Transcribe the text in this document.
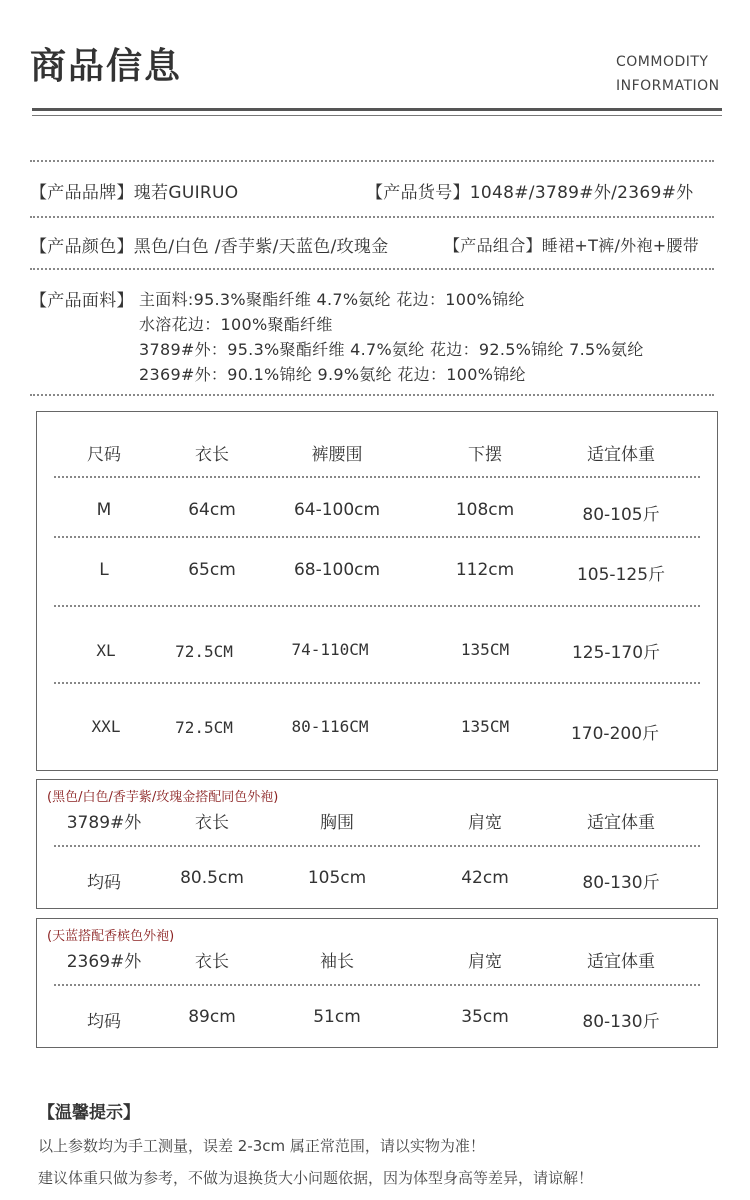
商品信息	COMMODITY
INFORMATION
【产品品牌】瑰若GUIRUO	【产品货号】1048#/3789#外/2369#外
【产品颜色】黑色/白色 /香芋紫/天蓝色/玫瑰金	【产品组合】睡裙+T裤/外袍+腰带
【产品面料】 主面料:95.3%聚酯纤维 4.7%氨纶 花边：100%锦纶
水溶花边：100%聚酯纤维
3789#外：95.3%聚酯纤维 4.7%氨纶 花边：92.5%锦纶 7.5%氨纶
2369#外：90.1%锦纶 9.9%氨纶 花边：100%锦纶
尺码	衣长	裤腰围	下摆	适宜体重
M	64cm	64-100cm	108cm	80-105斤
L	65cm	68-100cm	112cm	105-125斤
XL	72.5CM	74-110CM	135CM	125-170斤
XXL	72.5CM	80-116CM	135CM	170-200斤
(黑色/白色/香芋紫/玫瑰金搭配同色外袍)
3789#外	衣长	胸围	肩宽	适宜体重
均码	80.5cm	105cm	42cm	80-130斤
(天蓝搭配香槟色外袍)
2369#外	衣长	袖长	肩宽	适宜体重
均码	89cm	51cm	35cm	80-130斤
【温馨提示】
以上参数均为手工测量，误差 2-3cm 属正常范围，请以实物为准！
建议体重只做为参考，不做为退换货大小问题依据，因为体型身高等差异，请谅解！
